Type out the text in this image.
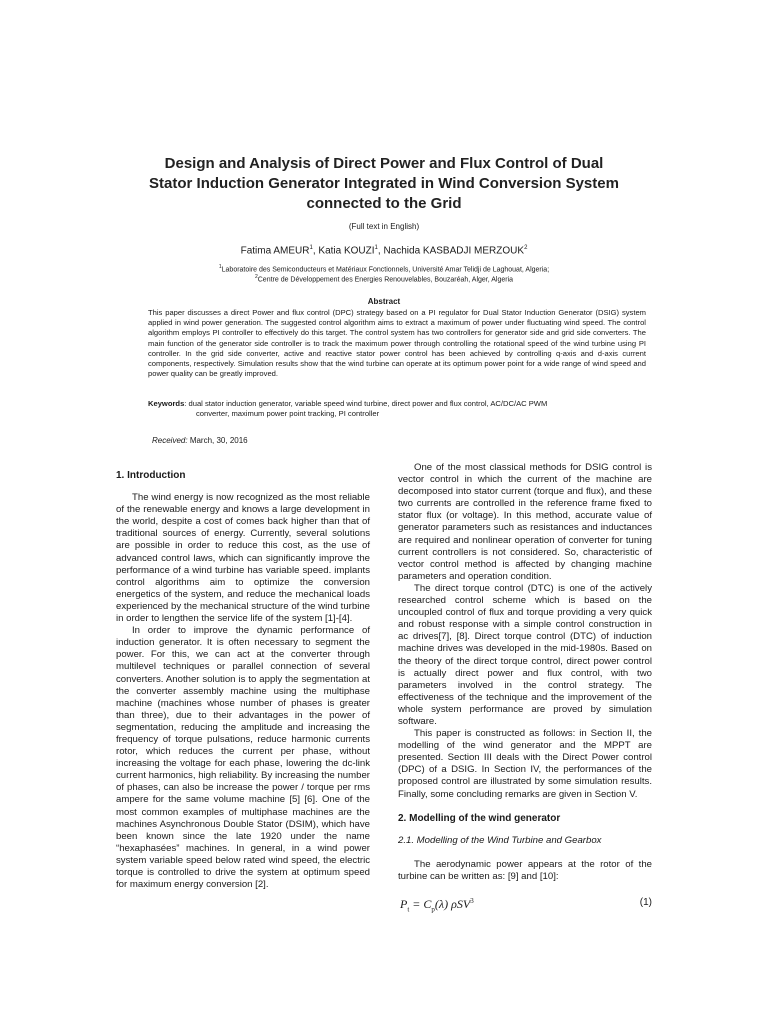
Design and Analysis of Direct Power and Flux Control of Dual
Stator Induction Generator Integrated in Wind Conversion System
connected to the Grid
(Full text in English)
Fatima AMEUR$^1$, Katia KOUZI$^1$, Nachida KASBADJI MERZOUK$^2$
$^1$Laboratoire des Semiconducteurs et Matériaux Fonctionnels, Université Amar Telidji de Laghouat, Algeria;
$^2$Centre de Développement des Energies Renouvelables, Bouzaréah, Alger, Algeria
Abstract
This paper discusses a direct Power and flux control (DPC) strategy based on a PI regulator for Dual Stator Induction Generator (DSIG) system applied in wind power generation. The suggested control algorithm aims to extract a maximum of power under fluctuating wind speed. The control algorithm employs PI controller to effectively do this target. The control system has two controllers for generator side and grid side converters. The main function of the generator side controller is to track the maximum power through controlling the rotational speed of the wind turbine using PI controller. In the grid side converter, active and reactive stator power control has been achieved by controlling q-axis and d-axis current components, respectively. Simulation results show that the wind turbine can operate at its optimum power point for a wide range of wind speed and power quality can be greatly improved.
Keywords: dual stator induction generator, variable speed wind turbine, direct power and flux control, AC/DC/AC PWM
converter, maximum power point tracking, PI controller
Received: March, 30, 2016
1. Introduction

The wind energy is now recognized as the most reliable of the renewable energy and knows a large development in the world, despite a cost of comes back higher than that of traditional sources of energy. Currently, several solutions are possible in order to reduce this cost, as the use of advanced control laws, which can significantly improve the performance of a wind turbine has variable speed. implants control algorithms aim to optimize the conversion energetics of the system, and reduce the mechanical loads experienced by the mechanical structure of the wind turbine in order to lengthen the service life of the system [1]-[4].

In order to improve the dynamic performance of induction generator. It is often necessary to segment the power. For this, we can act at the converter through multilevel techniques or parallel connection of several converters. Another solution is to apply the segmentation at the converter assembly machine using the multiphase machine (machines whose number of phases is greater than three), due to their advantages in the power of segmentation, reducing the amplitude and increasing the frequency of torque pulsations, reduce harmonic currents rotor, which reduces the current per phase, without increasing the voltage for each phase, lowering the dc-link current harmonics, high reliability. By increasing the number of phases, can also be increase the power / torque per rms ampere for the same volume machine [5] [6]. One of the most common examples of multiphase machines are the machines Asynchronous Double Stator (DSIM), which have been known since the late 1920 under the name “hexaphasées” machines. In general, in a wind power system variable speed below rated wind speed, the electric torque is controlled to drive the system at optimum speed for maximum energy conversion [2].

One of the most classical methods for DSIG control is vector control in which the current of the machine are decomposed into stator current (torque and flux), and these two currents are controlled in the reference frame fixed to stator flux (or voltage). In this method, accurate value of generator parameters such as resistances and inductances are required and nonlinear operation of converter for tuning current controllers is not considered. So, characteristic of vector control method is affected by changing machine parameters and operation condition.

The direct torque control (DTC) is one of the actively researched control scheme which is based on the uncoupled control of flux and torque providing a very quick and robust response with a simple control construction in ac drives[7], [8]. Direct torque control (DTC) of induction machine drives was developed in the mid-1980s. Based on the theory of the direct torque control, direct power control is actually direct power and flux control, with two parameters involved in the control strategy. The effectiveness of the technique and the improvement of the whole system performance are proved by simulation software.

This paper is constructed as follows: in Section II, the modelling of the wind generator and the MPPT are presented. Section III deals with the Direct Power control (DPC) of a DSIG. In Section IV, the performances of the proposed control are illustrated by some simulation results. Finally, some concluding remarks are given in Section V.

2. Modelling of the wind generator
2.1. Modelling of the Wind Turbine and Gearbox

The aerodynamic power appears at the rotor of the turbine can be written as: [9] and [10]:

$P_t = C_p(\lambda)$ ρSV$^3$	(1)
